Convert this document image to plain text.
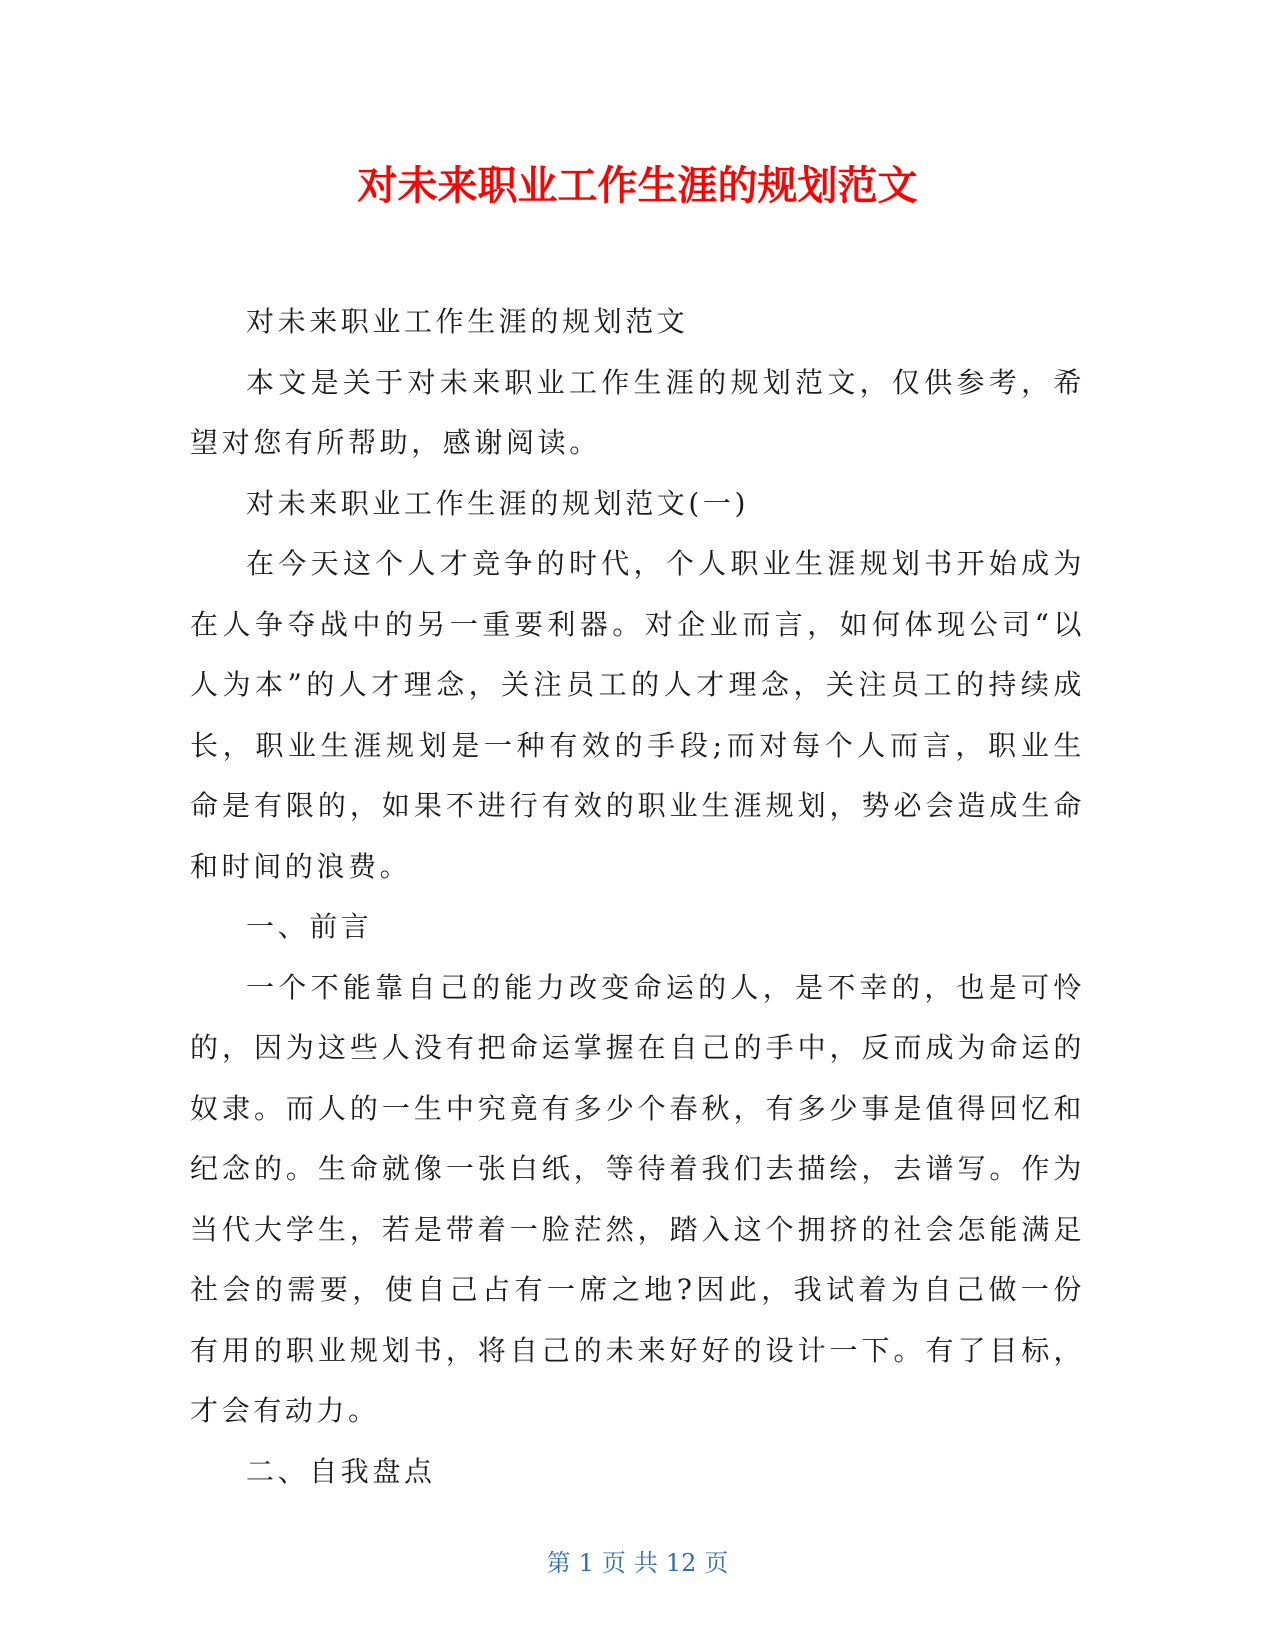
对未来职业工作生涯的规划范文

对未来职业工作生涯的规划范文

本文是关于对未来职业工作生涯的规划范文，仅供参考，希望对您有所帮助，感谢阅读。

对未来职业工作生涯的规划范文(一)

在今天这个人才竞争的时代，个人职业生涯规划书开始成为在人争夺战中的另一重要利器。对企业而言，如何体现公司“以人为本”的人才理念，关注员工的人才理念，关注员工的持续成长，职业生涯规划是一种有效的手段;而对每个人而言，职业生命是有限的，如果不进行有效的职业生涯规划，势必会造成生命和时间的浪费。

一、前言

一个不能靠自己的能力改变命运的人，是不幸的，也是可怜的，因为这些人没有把命运掌握在自己的手中，反而成为命运的奴隶。而人的一生中究竟有多少个春秋，有多少事是值得回忆和纪念的。生命就像一张白纸，等待着我们去描绘，去谱写。作为当代大学生，若是带着一脸茫然，踏入这个拥挤的社会怎能满足社会的需要，使自己占有一席之地?因此，我试着为自己做一份有用的职业规划书，将自己的未来好好的设计一下。有了目标，才会有动力。

二、自我盘点

第 1 页 共 12 页
